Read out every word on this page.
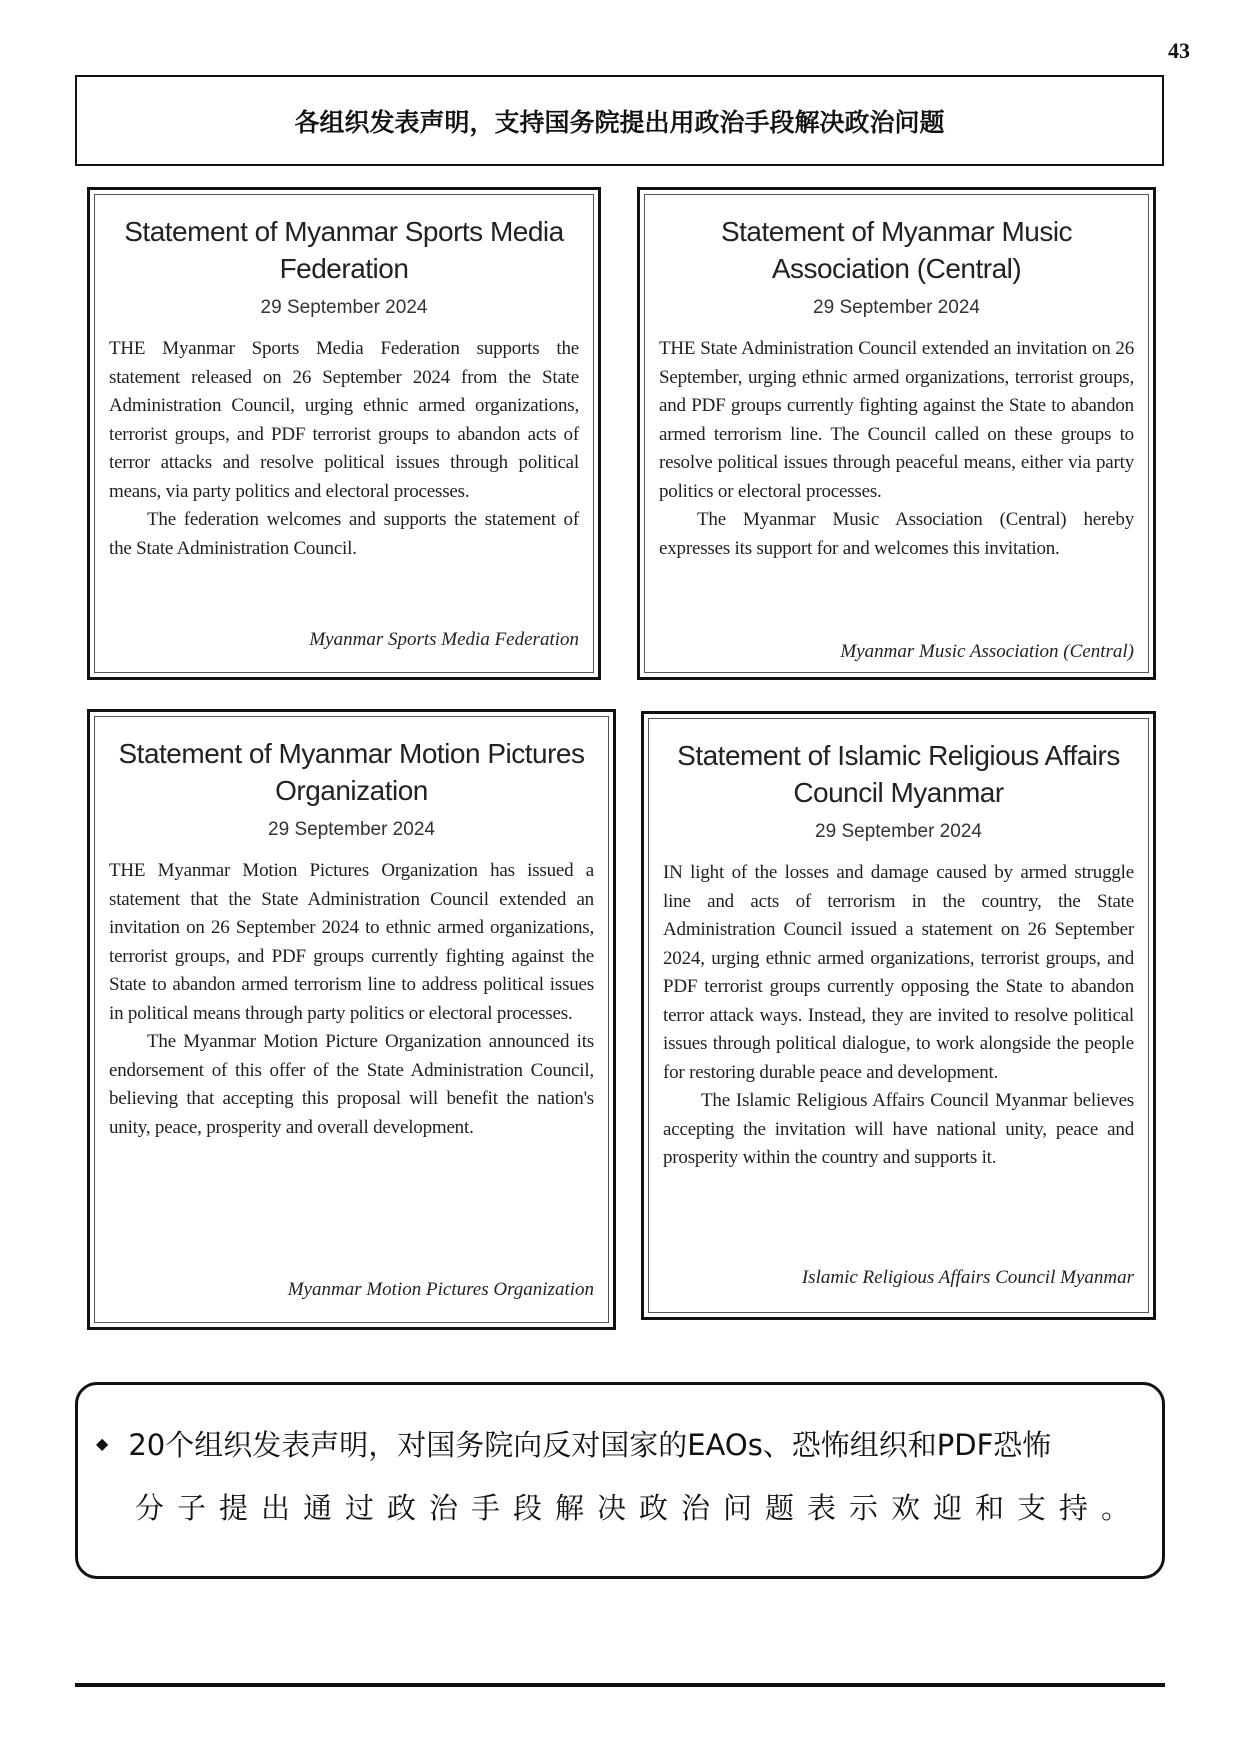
43
各组织发表声明，支持国务院提出用政治手段解决政治问题
Statement of Myanmar Sports Media Federation
29 September 2024

THE Myanmar Sports Media Federation supports the statement released on 26 September 2024 from the State Administration Council, urging ethnic armed organizations, terrorist groups, and PDF terrorist groups to abandon acts of terror attacks and resolve political issues through political means, via party politics and electoral processes.

The federation welcomes and supports the statement of the State Administration Council.

Myanmar Sports Media Federation
Statement of Myanmar Music Association (Central)
29 September 2024

THE State Administration Council extended an invitation on 26 September, urging ethnic armed organizations, terrorist groups, and PDF groups currently fighting against the State to abandon armed terrorism line. The Council called on these groups to resolve political issues through peaceful means, either via party politics or electoral processes.

The Myanmar Music Association (Central) hereby expresses its support for and welcomes this invitation.

Myanmar Music Association (Central)
Statement of Myanmar Motion Pictures Organization
29 September 2024

THE Myanmar Motion Pictures Organization has issued a statement that the State Administration Council extended an invitation on 26 September 2024 to ethnic armed organizations, terrorist groups, and PDF groups currently fighting against the State to abandon armed terrorism line to address political issues in political means through party politics or electoral processes.

The Myanmar Motion Picture Organization announced its endorsement of this offer of the State Administration Council, believing that accepting this proposal will benefit the nation's unity, peace, prosperity and overall development.

Myanmar Motion Pictures Organization
Statement of Islamic Religious Affairs Council Myanmar
29 September 2024

IN light of the losses and damage caused by armed struggle line and acts of terrorism in the country, the State Administration Council issued a statement on 26 September 2024, urging ethnic armed organizations, terrorist groups, and PDF terrorist groups currently opposing the State to abandon terror attack ways. Instead, they are invited to resolve political issues through political dialogue, to work alongside the people for restoring durable peace and development.

The Islamic Religious Affairs Council Myanmar believes accepting the invitation will have national unity, peace and prosperity within the country and supports it.

Islamic Religious Affairs Council Myanmar
◆ 20个组织发表声明，对国务院向反对国家的EAOs、恐怖组织和PDF恐怖
分子提出通过政治手段解决政治问题表示欢迎和支持。
